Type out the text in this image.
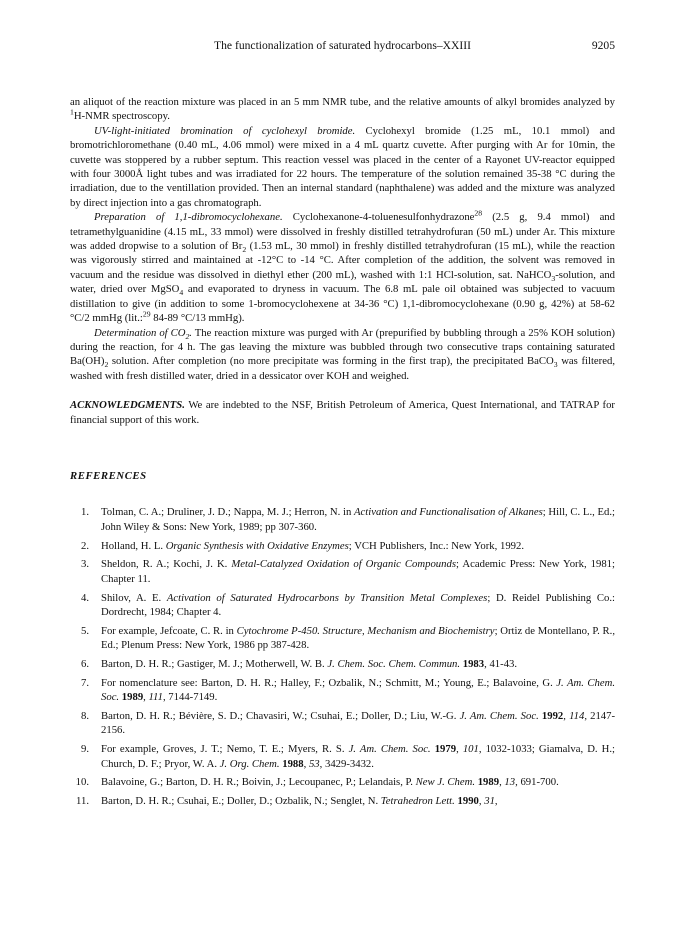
The functionalization of saturated hydrocarbons–XXIII	9205

an aliquot of the reaction mixture was placed in an 5 mm NMR tube, and the relative amounts of alkyl bromides analyzed by $^1$H-NMR spectroscopy.

UV-light-initiated bromination of cyclohexyl bromide. Cyclohexyl bromide (1.25 mL, 10.1 mmol) and bromotrichloromethane (0.40 mL, 4.06 mmol) were mixed in a 4 mL quartz cuvette. After purging with Ar for 10min, the cuvette was stoppered by a rubber septum. This reaction vessel was placed in the center of a Rayonet UV-reactor equipped with four 3000Å light tubes and was irradiated for 22 hours. The temperature of the solution remained 35-38 °C during the irradiation, due to the ventillation provided. Then an internal standard (naphthalene) was added and the mixture was analyzed by direct injection into a gas chromatograph.

Preparation of 1,1-dibromocyclohexane. Cyclohexanone-4-toluenesulfonhydrazone$^{28}$ (2.5 g, 9.4 mmol) and tetramethylguanidine (4.15 mL, 33 mmol) were dissolved in freshly distilled tetrahydrofuran (50 mL) under Ar. This mixture was added dropwise to a solution of $Br_2$ (1.53 mL, 30 mmol) in freshly distilled tetrahydrofuran (15 mL), while the reaction was vigorously stirred and maintained at -12°C to -14 °C. After completion of the addition, the solvent was removed in vacuum and the residue was dissolved in diethyl ether (200 mL), washed with 1:1 HCl-solution, sat. NaHCO$_3$-solution, and water, dried over MgSO$_4$ and evaporated to dryness in vacuum. The 6.8 mL pale oil obtained was subjected to vacuum distillation to give (in addition to some 1-bromocyclohexene at 34-36 °C) 1,1-dibromocyclohexane (0.90 g, 42%) at 58-62 °C/2 mmHg (lit.:$^{29}$ 84-89 °C/13 mmHg).

Determination of $CO_2$. The reaction mixture was purged with Ar (prepurified by bubbling through a 25% KOH solution) during the reaction, for 4 h. The gas leaving the mixture was bubbled through two consecutive traps containing saturated $Ba(OH)_2$ solution. After completion (no more precipitate was forming in the first trap), the precipitated BaCO$_3$ was filtered, washed with fresh distilled water, dried in a dessicator over KOH and weighed.

ACKNOWLEDGMENTS. We are indebted to the NSF, British Petroleum of America, Quest International, and TATRAP for financial support of this work.

REFERENCES

1.	Tolman, C. A.; Druliner, J. D.; Nappa, M. J.; Herron, N. in Activation and Functionalisation of Alkanes; Hill, C. L., Ed.; John Wiley & Sons: New York, 1989; pp 307-360.
2.	Holland, H. L. Organic Synthesis with Oxidative Enzymes; VCH Publishers, Inc.: New York, 1992.
3.	Sheldon, R. A.; Kochi, J. K. Metal-Catalyzed Oxidation of Organic Compounds; Academic Press: New York, 1981; Chapter 11.
4.	Shilov, A. E. Activation of Saturated Hydrocarbons by Transition Metal Complexes; D. Reidel Publishing Co.: Dordrecht, 1984; Chapter 4.
5.	For example, Jefcoate, C. R. in Cytochrome P-450. Structure, Mechanism and Biochemistry; Ortiz de Montellano, P. R., Ed.; Plenum Press: New York, 1986 pp 387-428.
6.	Barton, D. H. R.; Gastiger, M. J.; Motherwell, W. B. J. Chem. Soc. Chem. Commun. 1983, 41-43.
7.	For nomenclature see: Barton, D. H. R.; Halley, F.; Ozbalik, N.; Schmitt, M.; Young, E.; Balavoine, G. J. Am. Chem. Soc. 1989, 111, 7144-7149.
8.	Barton, D. H. R.; Bévière, S. D.; Chavasiri, W.; Csuhai, E.; Doller, D.; Liu, W.-G. J. Am. Chem. Soc. 1992, 114, 2147-2156.
9.	For example, Groves, J. T.; Nemo, T. E.; Myers, R. S. J. Am. Chem. Soc. 1979, 101, 1032-1033; Giamalva, D. H.; Church, D. F.; Pryor, W. A. J. Org. Chem. 1988, 53, 3429-3432.
10.	Balavoine, G.; Barton, D. H. R.; Boivin, J.; Lecoupanec, P.; Lelandais, P. New J. Chem. 1989, 13, 691-700.
11.	Barton, D. H. R.; Csuhai, E.; Doller, D.; Ozbalik, N.; Senglet, N. Tetrahedron Lett. 1990, 31,
